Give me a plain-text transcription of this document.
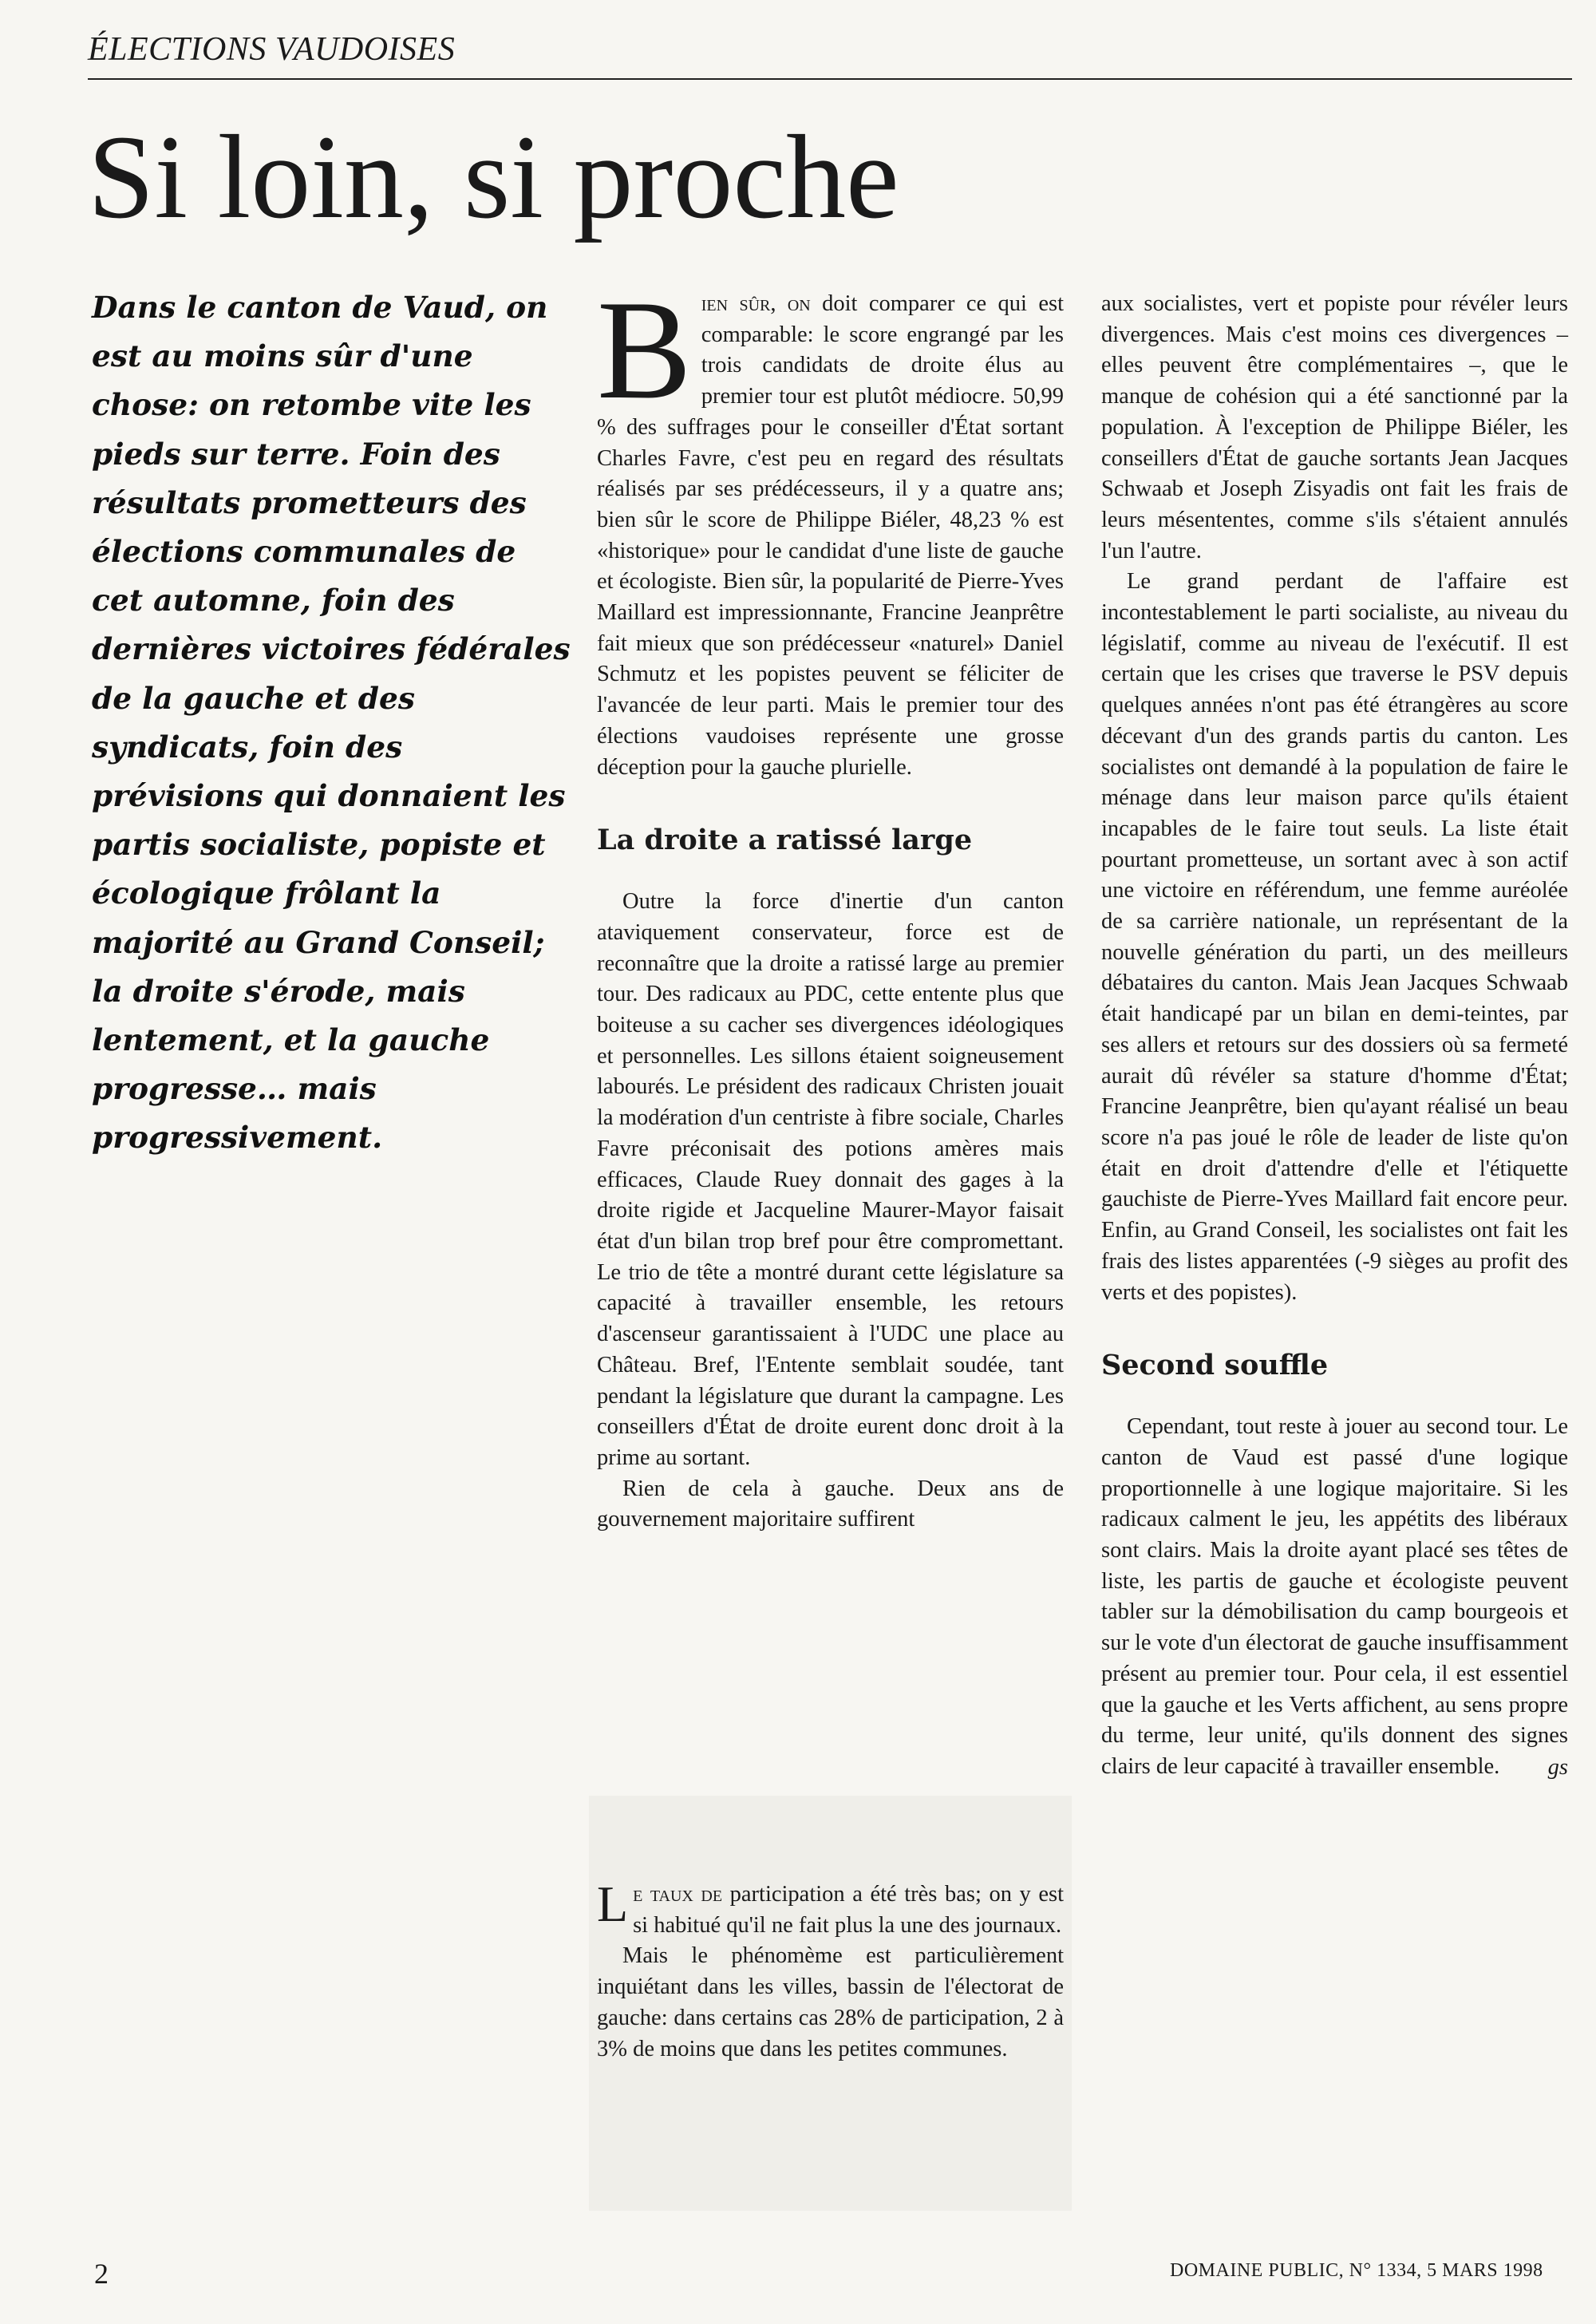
ÉLECTIONS VAUDOISES
Si loin, si proche
Dans le canton de Vaud, on est au moins sûr d'une chose: on retombe vite les pieds sur terre. Foin des résultats prometteurs des élections communales de cet automne, foin des dernières victoires fédérales de la gauche et des syndicats, foin des prévisions qui donnaient les partis socialiste, popiste et écologique frôlant la majorité au Grand Conseil; la droite s'érode, mais lentement, et la gauche progresse… mais progressivement.

Bien sûr, on doit comparer ce qui est comparable: le score engrangé par les trois candidats de droite élus au premier tour est plutôt médiocre. 50,99 % des suffrages pour le conseiller d'État sortant Charles Favre, c'est peu en regard des résultats réalisés par ses prédécesseurs, il y a quatre ans; bien sûr le score de Philippe Biéler, 48,23 % est «historique» pour le candidat d'une liste de gauche et écologiste. Bien sûr, la popularité de Pierre-Yves Maillard est impressionnante, Francine Jeanprêtre fait mieux que son prédécesseur «naturel» Daniel Schmutz et les popistes peuvent se féliciter de l'avancée de leur parti. Mais le premier tour des élections vaudoises représente une grosse déception pour la gauche plurielle.

La droite a ratissé large

Outre la force d'inertie d'un canton ataviquement conservateur, force est de reconnaître que la droite a ratissé large au premier tour. Des radicaux au PDC, cette entente plus que boiteuse a su cacher ses divergences idéologiques et personnelles. Les sillons étaient soigneusement labourés. Le président des radicaux Christen jouait la modération d'un centriste à fibre sociale, Charles Favre préconisait des potions amères mais efficaces, Claude Ruey donnait des gages à la droite rigide et Jacqueline Maurer-Mayor faisait état d'un bilan trop bref pour être compromettant. Le trio de tête a montré durant cette législature sa capacité à travailler ensemble, les retours d'ascenseur garantissaient à l'UDC une place au Château. Bref, l'Entente semblait soudée, tant pendant la législature que durant la campagne. Les conseillers d'État de droite eurent donc droit à la prime au sortant.

Rien de cela à gauche. Deux ans de gouvernement majoritaire suffirent

Le taux de participation a été très bas; on y est si habitué qu'il ne fait plus la une des journaux.

Mais le phénomème est particulièrement inquiétant dans les villes, bassin de l'électorat de gauche: dans certains cas 28% de participation, 2 à 3% de moins que dans les petites communes.

aux socialistes, vert et popiste pour révéler leurs divergences. Mais c'est moins ces divergences – elles peuvent être complémentaires –, que le manque de cohésion qui a été sanctionné par la population. À l'exception de Philippe Biéler, les conseillers d'État de gauche sortants Jean Jacques Schwaab et Joseph Zisyadis ont fait les frais de leurs mésententes, comme s'ils s'étaient annulés l'un l'autre.

Le grand perdant de l'affaire est incontestablement le parti socialiste, au niveau du législatif, comme au niveau de l'exécutif. Il est certain que les crises que traverse le PSV depuis quelques années n'ont pas été étrangères au score décevant d'un des grands partis du canton. Les socialistes ont demandé à la population de faire le ménage dans leur maison parce qu'ils étaient incapables de le faire tout seuls. La liste était pourtant prometteuse, un sortant avec à son actif une victoire en référendum, une femme auréolée de sa carrière nationale, un représentant de la nouvelle génération du parti, un des meilleurs débataires du canton. Mais Jean Jacques Schwaab était handicapé par un bilan en demi-teintes, par ses allers et retours sur des dossiers où sa fermeté aurait dû révéler sa stature d'homme d'État; Francine Jeanprêtre, bien qu'ayant réalisé un beau score n'a pas joué le rôle de leader de liste qu'on était en droit d'attendre d'elle et l'étiquette gauchiste de Pierre-Yves Maillard fait encore peur. Enfin, au Grand Conseil, les socialistes ont fait les frais des listes apparentées (-9 sièges au profit des verts et des popistes).

Second souffle

Cependant, tout reste à jouer au second tour. Le canton de Vaud est passé d'une logique proportionnelle à une logique majoritaire. Si les radicaux calment le jeu, les appétits des libéraux sont clairs. Mais la droite ayant placé ses têtes de liste, les partis de gauche et écologiste peuvent tabler sur la démobilisation du camp bourgeois et sur le vote d'un électorat de gauche insuffisamment présent au premier tour. Pour cela, il est essentiel que la gauche et les Verts affichent, au sens propre du terme, leur unité, qu'ils donnent des signes clairs de leur capacité à travailler ensemble.	gs
2	DOMAINE PUBLIC, N° 1334, 5 MARS 1998
